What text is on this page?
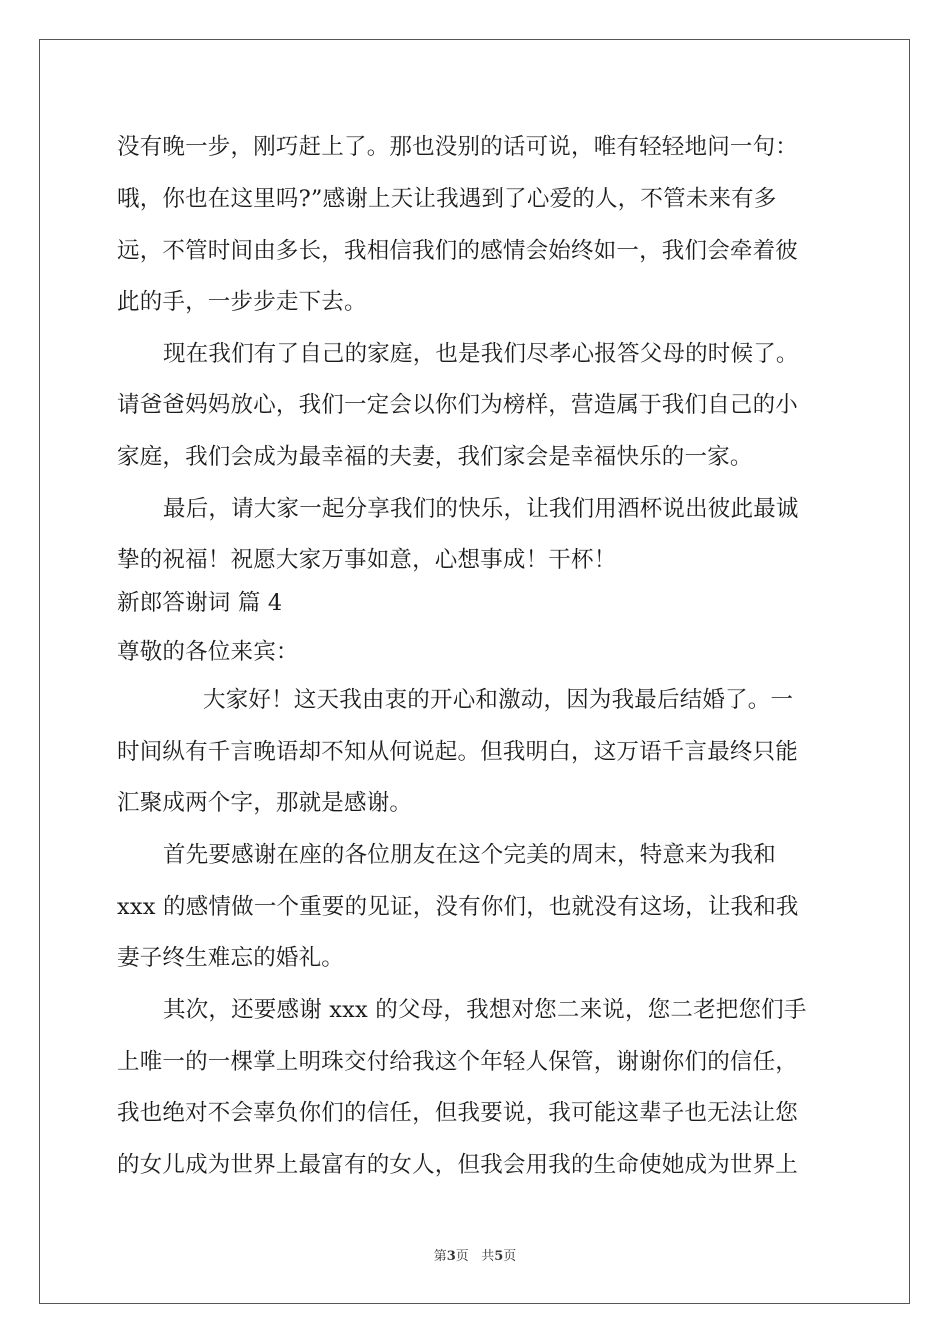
没有晚一步，刚巧赶上了。那也没别的话可说，唯有轻轻地问一句：
哦，你也在这里吗?”感谢上天让我遇到了心爱的人，不管未来有多
远，不管时间由多长，我相信我们的感情会始终如一，我们会牵着彼
此的手，一步步走下去。
现在我们有了自己的家庭，也是我们尽孝心报答父母的时候了。
请爸爸妈妈放心，我们一定会以你们为榜样，营造属于我们自己的小
家庭，我们会成为最幸福的夫妻，我们家会是幸福快乐的一家。
最后，请大家一起分享我们的快乐，让我们用酒杯说出彼此最诚
挚的祝福！祝愿大家万事如意，心想事成！干杯！
新郎答谢词 篇 4
尊敬的各位来宾：
大家好！这天我由衷的开心和激动，因为我最后结婚了。一
时间纵有千言晚语却不知从何说起。但我明白，这万语千言最终只能
汇聚成两个字，那就是感谢。
首先要感谢在座的各位朋友在这个完美的周末，特意来为我和
xxx 的感情做一个重要的见证，没有你们，也就没有这场，让我和我
妻子终生难忘的婚礼。
其次，还要感谢 xxx 的父母，我想对您二来说，您二老把您们手
上唯一的一棵掌上明珠交付给我这个年轻人保管，谢谢你们的信任，
我也绝对不会辜负你们的信任，但我要说，我可能这辈子也无法让您
的女儿成为世界上最富有的女人，但我会用我的生命使她成为世界上
第3页   共5页
